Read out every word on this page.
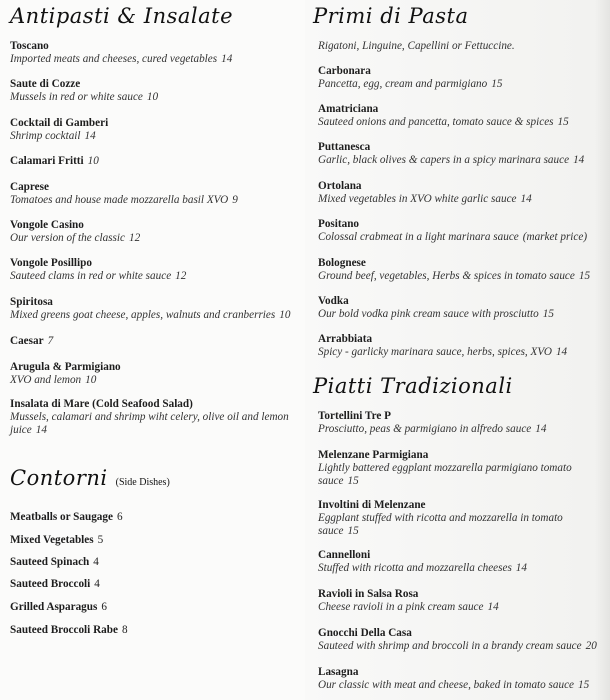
Antipasti & Insalate
Toscano
Imported meats and cheeses, cured vegetables 14
Saute di Cozze
Mussels in red or white sauce 10
Cocktail di Gamberi
Shrimp cocktail 14
Calamari Fritti 10
Caprese
Tomatoes and house made mozzarella basil XVO 9
Vongole Casino
Our version of the classic 12
Vongole Posillipo
Sauteed clams in red or white sauce 12
Spiritosa
Mixed greens goat cheese, apples, walnuts and cranberries 10
Caesar 7
Arugula & Parmigiano
XVO and lemon 10
Insalata di Mare (Cold Seafood Salad)
Mussels, calamari and shrimp wiht celery, olive oil and lemon juice 14
Contorni (Side Dishes)
Meatballs or Saugage 6
Mixed Vegetables 5
Sauteed Spinach 4
Sauteed Broccoli 4
Grilled Asparagus 6
Sauteed Broccoli Rabe 8
Primi di Pasta
Rigatoni, Linguine, Capellini or Fettuccine.
Carbonara
Pancetta, egg, cream and parmigiano 15
Amatriciana
Sauteed onions and pancetta, tomato sauce & spices 15
Puttanesca
Garlic, black olives & capers in a spicy marinara sauce 14
Ortolana
Mixed vegetables in XVO white garlic sauce 14
Positano
Colossal crabmeat in a light marinara sauce (market price)
Bolognese
Ground beef, vegetables, Herbs & spices in tomato sauce 15
Vodka
Our bold vodka pink cream sauce with prosciutto 15
Arrabbiata
Spicy - garlicky marinara sauce, herbs, spices, XVO 14
Piatti Tradizionali
Tortellini Tre P
Prosciutto, peas & parmigiano in alfredo sauce 14
Melenzane Parmigiana
Lightly battered eggplant mozzarella parmigiano tomato sauce 15
Involtini di Melenzane
Eggplant stuffed with ricotta and mozzarella in tomato sauce 15
Cannelloni
Stuffed with ricotta and mozzarella cheeses 14
Ravioli in Salsa Rosa
Cheese ravioli in a pink cream sauce 14
Gnocchi Della Casa
Sauteed with shrimp and broccoli in a brandy cream sauce 20
Lasagna
Our classic with meat and cheese, baked in tomato sauce 15
